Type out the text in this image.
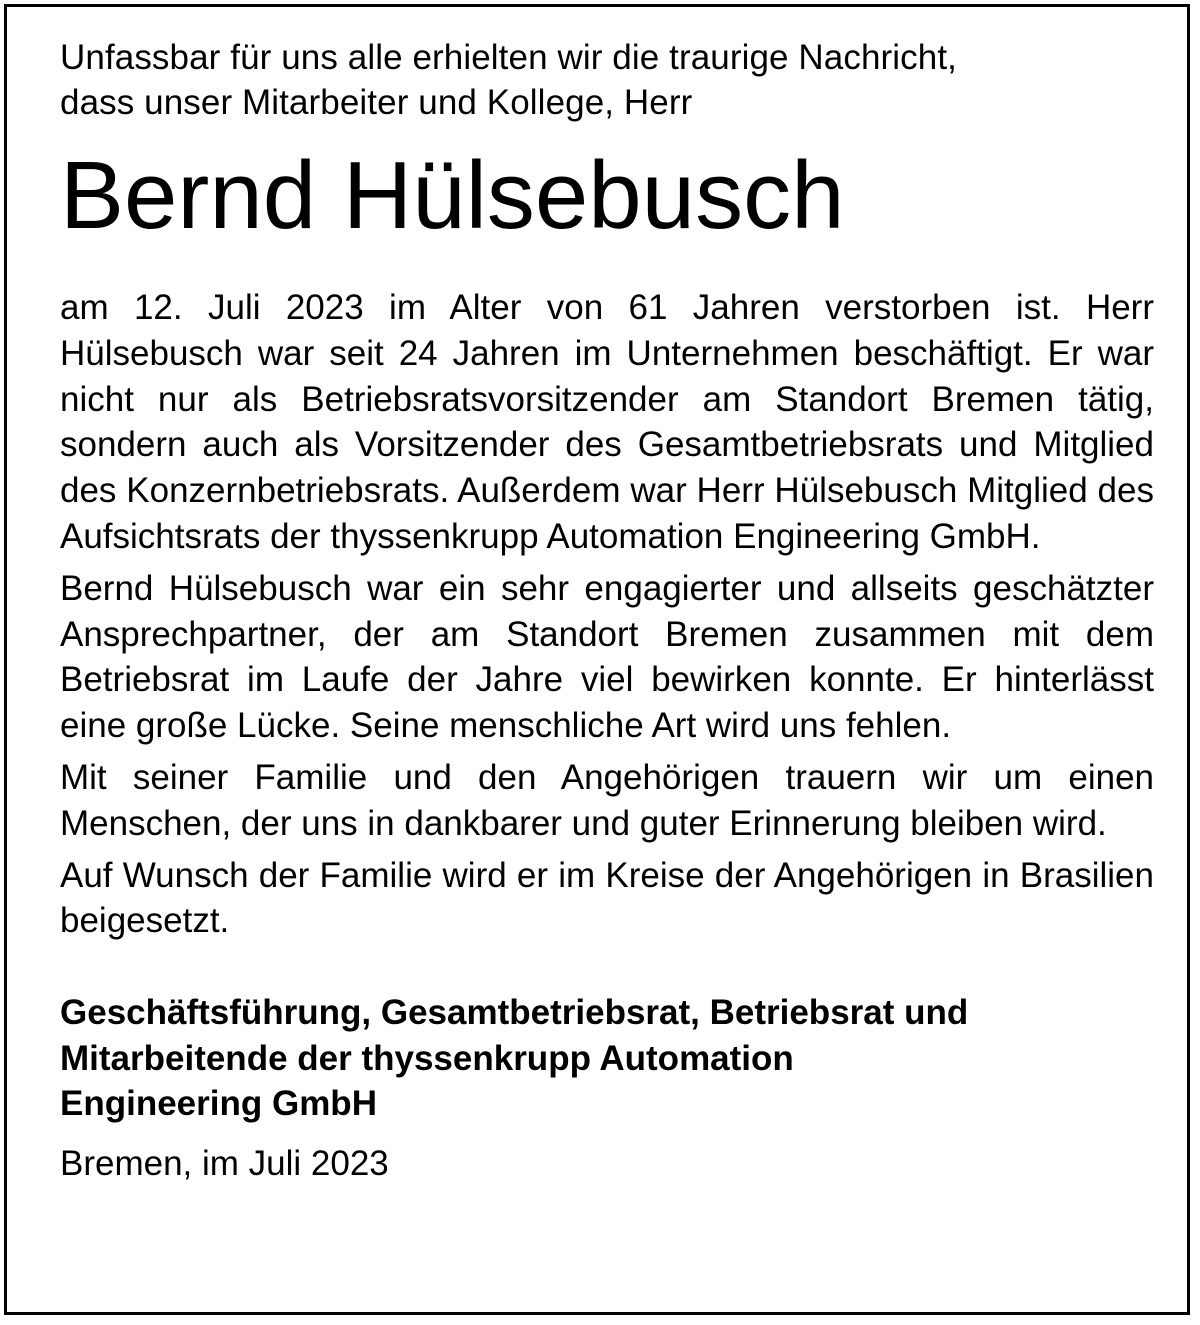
Unfassbar für uns alle erhielten wir die traurige Nachricht,
dass unser Mitarbeiter und Kollege, Herr

Bernd Hülsebusch

am 12. Juli 2023 im Alter von 61 Jahren verstorben ist. Herr Hülsebusch war seit 24 Jahren im Unternehmen beschäftigt. Er war nicht nur als Betriebsratsvorsitzender am Standort Bremen tätig, sondern auch als Vorsitzender des Gesamtbetriebsrats und Mitglied des Konzernbetriebsrats. Außerdem war Herr Hülsebusch Mitglied des Aufsichtsrats der thyssenkrupp Automation Engineering GmbH.

Bernd Hülsebusch war ein sehr engagierter und allseits geschätzter Ansprechpartner, der am Standort Bremen zusammen mit dem Betriebsrat im Laufe der Jahre viel bewirken konnte. Er hinterlässt eine große Lücke. Seine menschliche Art wird uns fehlen.

Mit seiner Familie und den Angehörigen trauern wir um einen Menschen, der uns in dankbarer und guter Erinnerung bleiben wird.

Auf Wunsch der Familie wird er im Kreise der Angehörigen in Brasilien beigesetzt.

Geschäftsführung, Gesamtbetriebsrat, Betriebsrat und
Mitarbeitende der thyssenkrupp Automation
Engineering GmbH
Bremen, im Juli 2023
